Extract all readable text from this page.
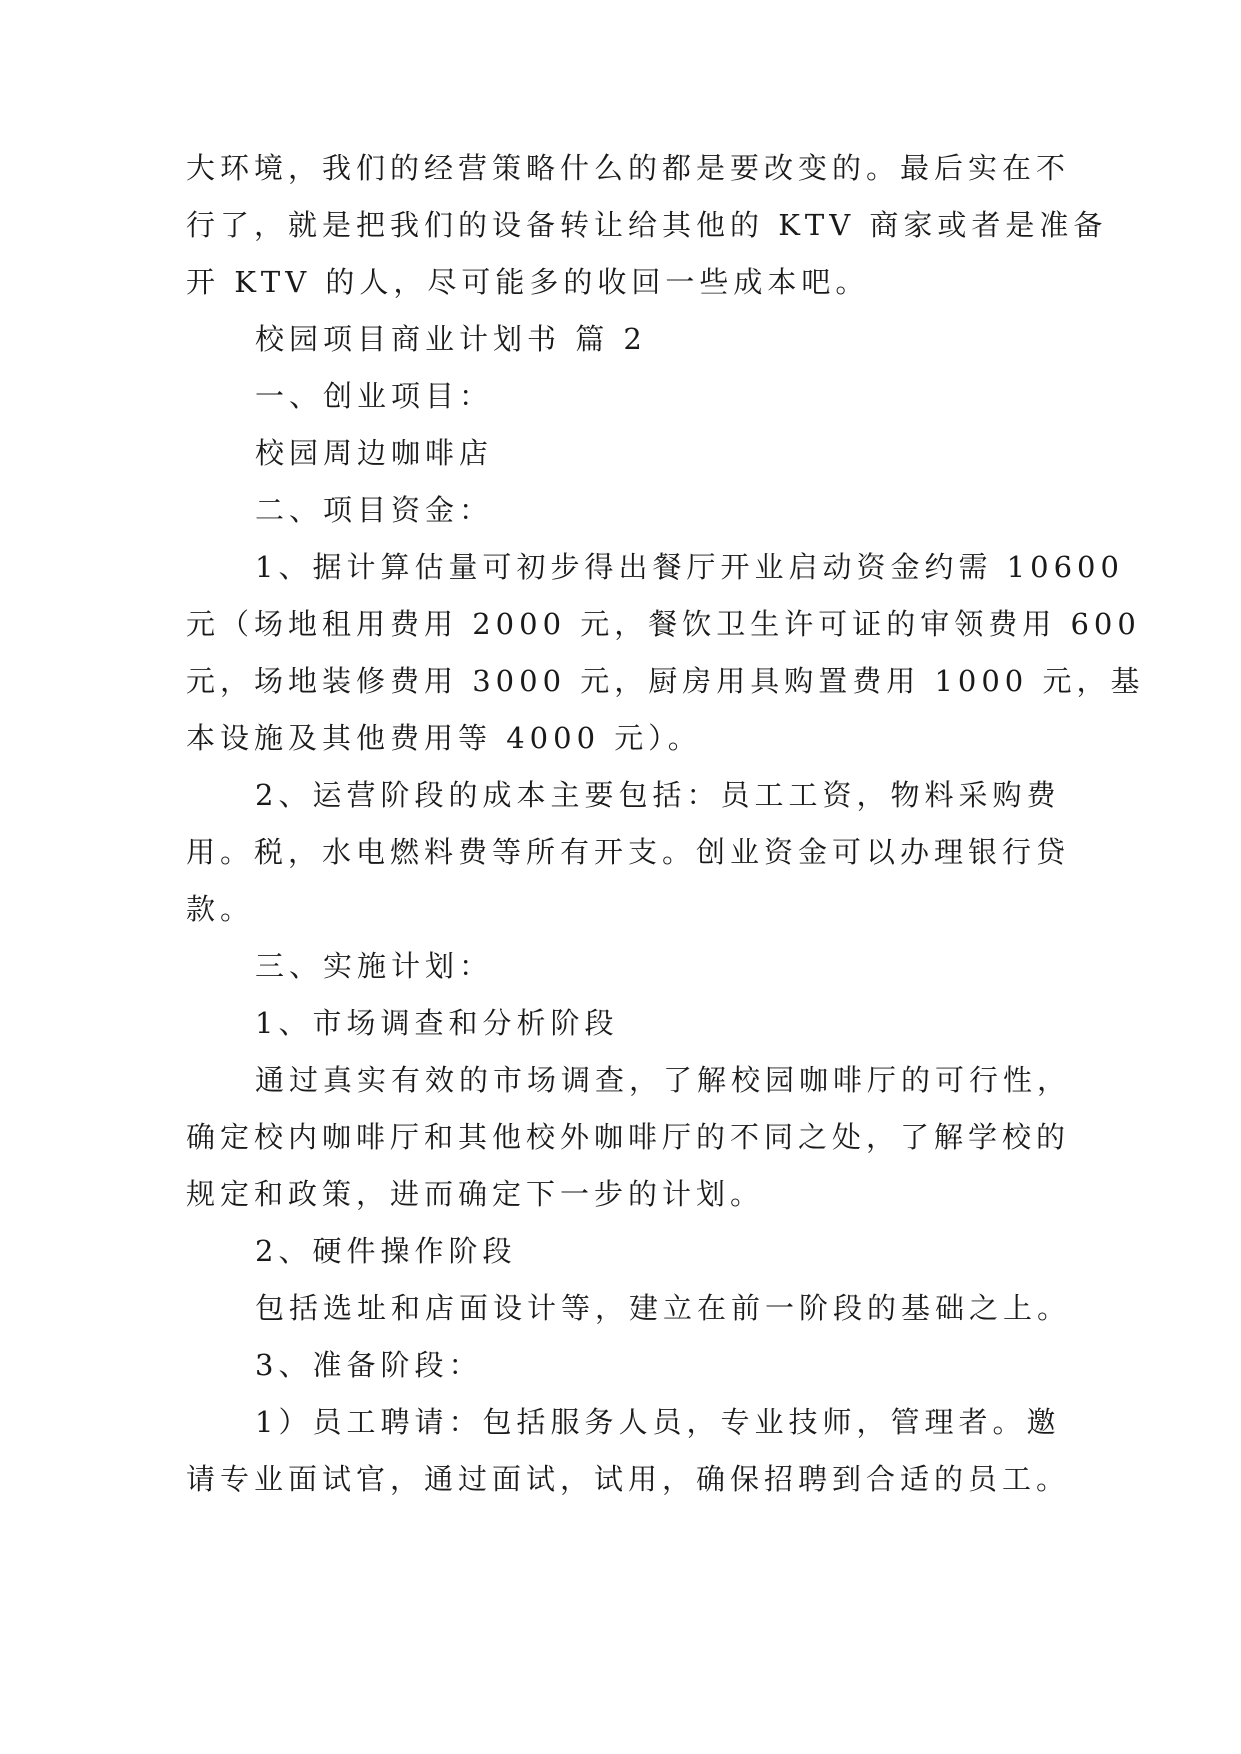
大环境，我们的经营策略什么的都是要改变的。最后实在不
行了，就是把我们的设备转让给其他的 KTV 商家或者是准备
开 KTV 的人，尽可能多的收回一些成本吧。
校园项目商业计划书 篇 2
一、创业项目：
校园周边咖啡店
二、项目资金：
1、据计算估量可初步得出餐厅开业启动资金约需 10600
元（场地租用费用 2000 元，餐饮卫生许可证的审领费用 600
元，场地装修费用 3000 元，厨房用具购置费用 1000 元，基
本设施及其他费用等 4000 元）。
2、运营阶段的成本主要包括：员工工资，物料采购费
用。税，水电燃料费等所有开支。创业资金可以办理银行贷
款。
三、实施计划：
1、市场调查和分析阶段
通过真实有效的市场调查，了解校园咖啡厅的可行性，
确定校内咖啡厅和其他校外咖啡厅的不同之处，了解学校的
规定和政策，进而确定下一步的计划。
2、硬件操作阶段
包括选址和店面设计等，建立在前一阶段的基础之上。
3、准备阶段：
1）员工聘请：包括服务人员，专业技师，管理者。邀
请专业面试官，通过面试，试用，确保招聘到合适的员工。
